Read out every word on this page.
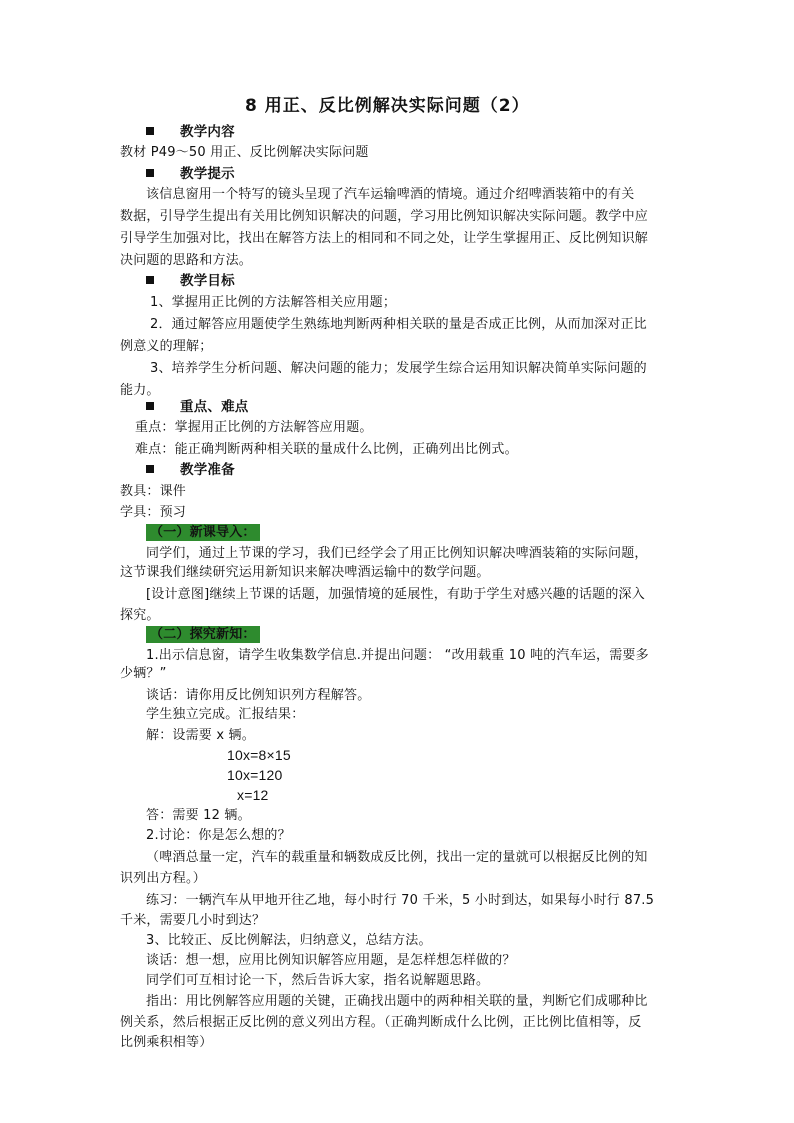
8 用正、反比例解决实际问题（2）
教学内容
教材 P49～50 用正、反比例解决实际问题
教学提示
该信息窗用一个特写的镜头呈现了汽车运输啤酒的情境。通过介绍啤酒装箱中的有关
数据，引导学生提出有关用比例知识解决的问题，学习用比例知识解决实际问题。教学中应
引导学生加强对比，找出在解答方法上的相同和不同之处，让学生掌握用正、反比例知识解
决问题的思路和方法。
教学目标
1、掌握用正比例的方法解答相关应用题；
2．通过解答应用题使学生熟练地判断两种相关联的量是否成正比例，从而加深对正比
例意义的理解；
3、培养学生分析问题、解决问题的能力；发展学生综合运用知识解决简单实际问题的
能力。
重点、难点
重点：掌握用正比例的方法解答应用题。
难点：能正确判断两种相关联的量成什么比例，正确列出比例式。
教学准备
教具：课件
学具：预习
（一）新课导入：
同学们，通过上节课的学习，我们已经学会了用正比例知识解决啤酒装箱的实际问题，
这节课我们继续研究运用新知识来解决啤酒运输中的数学问题。
[设计意图]继续上节课的话题，加强情境的延展性，有助于学生对感兴趣的话题的深入
探究。
（二）探究新知：
1.出示信息窗，请学生收集数学信息.并提出问题： “改用载重 10 吨的汽车运，需要多
少辆？”
谈话：请你用反比例知识列方程解答。
学生独立完成。汇报结果：
解：设需要 x 辆。
10x=8×15
10x=120
x=12
答：需要 12 辆。
2.讨论：你是怎么想的？
（啤酒总量一定，汽车的载重量和辆数成反比例，找出一定的量就可以根据反比例的知
识列出方程。）
练习：一辆汽车从甲地开往乙地，每小时行 70 千米，5 小时到达，如果每小时行 87.5
千米，需要几小时到达？
3、比较正、反比例解法，归纳意义，总结方法。
谈话：想一想，应用比例知识解答应用题，是怎样想怎样做的？
同学们可互相讨论一下，然后告诉大家，指名说解题思路。
指出：用比例解答应用题的关键，正确找出题中的两种相关联的量，判断它们成哪种比
例关系，然后根据正反比例的意义列出方程。（正确判断成什么比例，正比例比值相等，反
比例乘积相等）
